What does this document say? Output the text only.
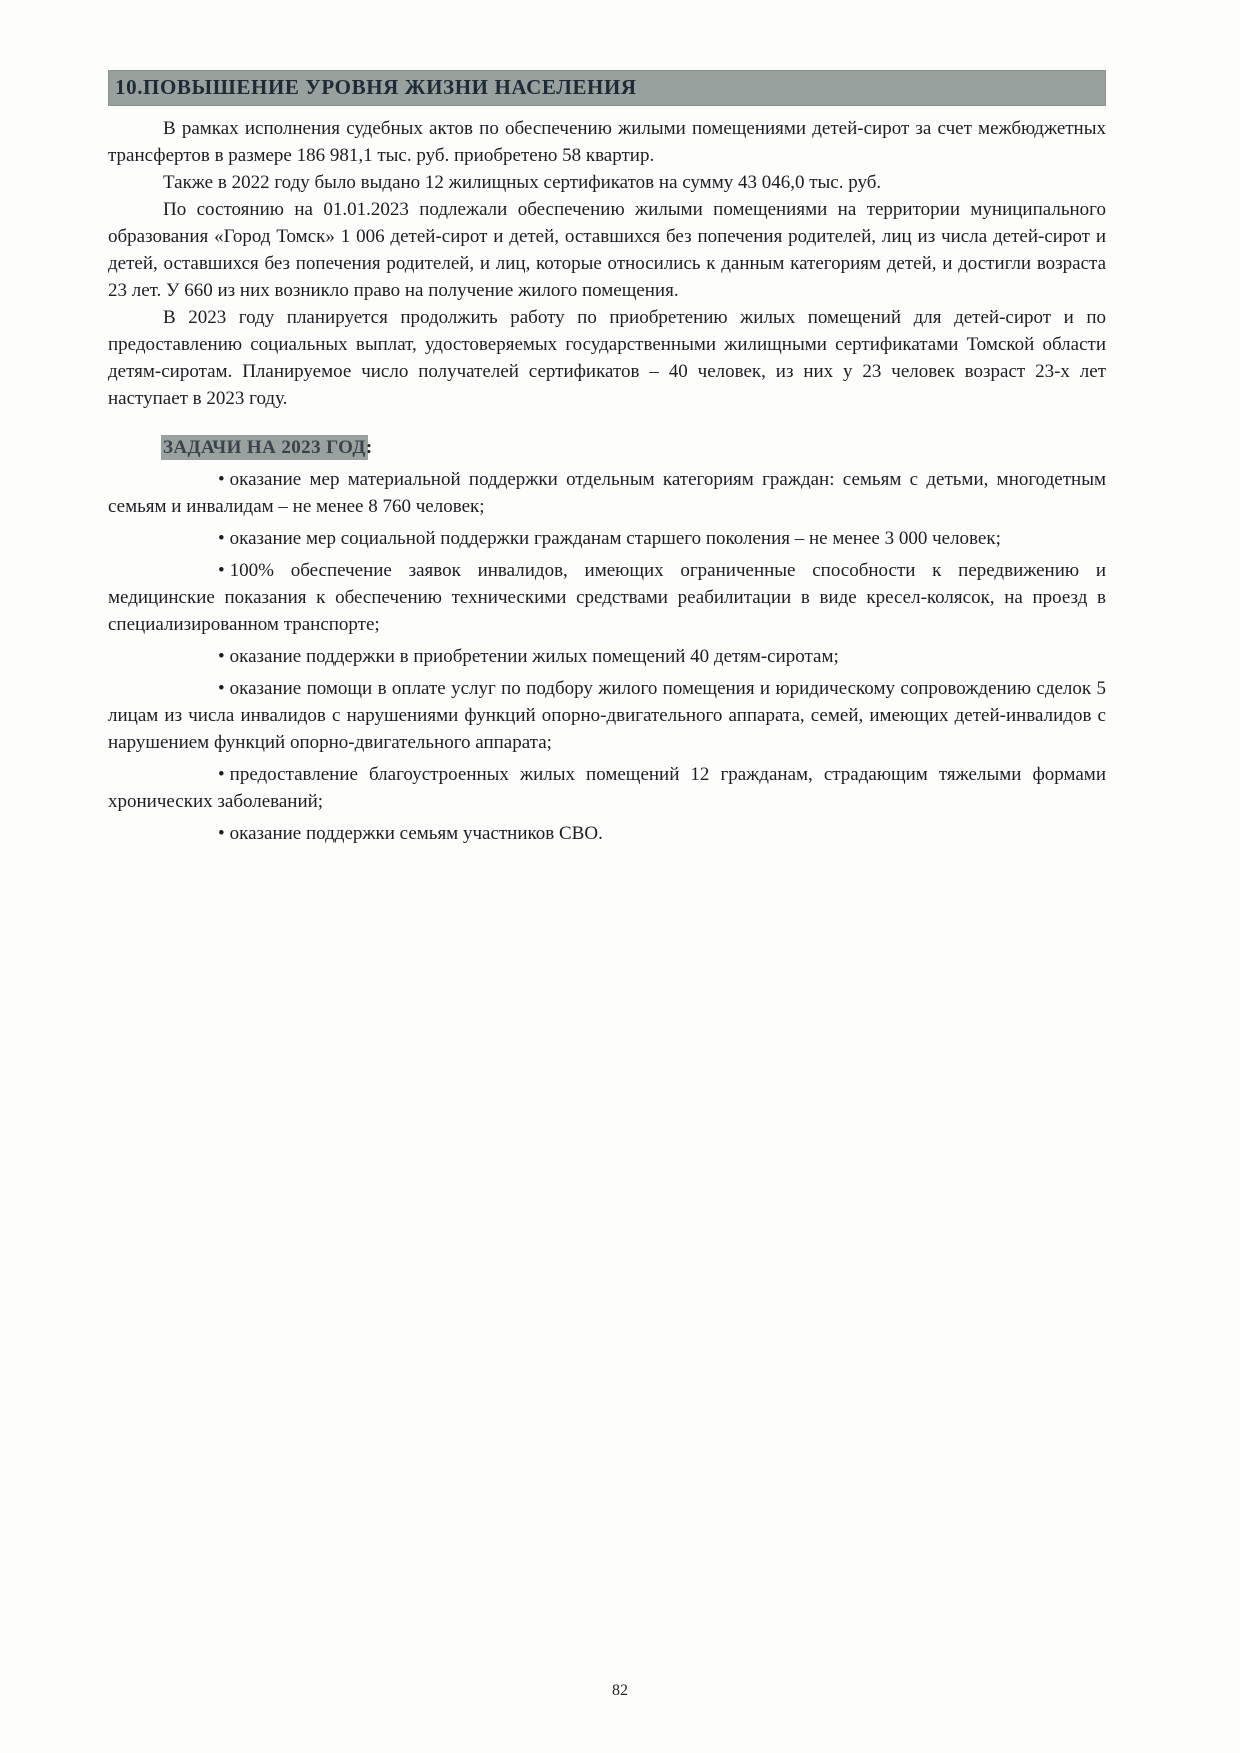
10.ПОВЫШЕНИЕ УРОВНЯ ЖИЗНИ НАСЕЛЕНИЯ

В рамках исполнения судебных актов по обеспечению жилыми помещениями детей-сирот за счет межбюджетных трансфертов в размере 186 981,1 тыс. руб. приобретено 58 квартир.

Также в 2022 году было выдано 12 жилищных сертификатов на сумму 43 046,0 тыс. руб.

По состоянию на 01.01.2023 подлежали обеспечению жилыми помещениями на территории муниципального образования «Город Томск» 1 006 детей-сирот и детей, оставшихся без попечения родителей, лиц из числа детей-сирот и детей, оставшихся без попечения родителей, и лиц, которые относились к данным категориям детей, и достигли возраста 23 лет. У 660 из них возникло право на получение жилого помещения.

В 2023 году планируется продолжить работу по приобретению жилых помещений для детей-сирот и по предоставлению социальных выплат, удостоверяемых государственными жилищными сертификатами Томской области детям-сиротам. Планируемое число получателей сертификатов – 40 человек, из них у 23 человек возраст 23-х лет наступает в 2023 году.

ЗАДАЧИ НА 2023 ГОД:

• оказание мер материальной поддержки отдельным категориям граждан: семьям с детьми, многодетным семьям и инвалидам – не менее 8 760 человек;

• оказание мер социальной поддержки гражданам старшего поколения – не менее 3 000 человек;

• 100% обеспечение заявок инвалидов, имеющих ограниченные способности к передвижению и медицинские показания к обеспечению техническими средствами реабилитации в виде кресел-колясок, на проезд в специализированном транспорте;

• оказание поддержки в приобретении жилых помещений 40 детям-сиротам;

• оказание помощи в оплате услуг по подбору жилого помещения и юридическому сопровождению сделок 5 лицам из числа инвалидов с нарушениями функций опорно-двигательного аппарата, семей, имеющих детей-инвалидов с нарушением функций опорно-двигательного аппарата;

• предоставление благоустроенных жилых помещений 12 гражданам, страдающим тяжелыми формами хронических заболеваний;

• оказание поддержки семьям участников СВО.

82
